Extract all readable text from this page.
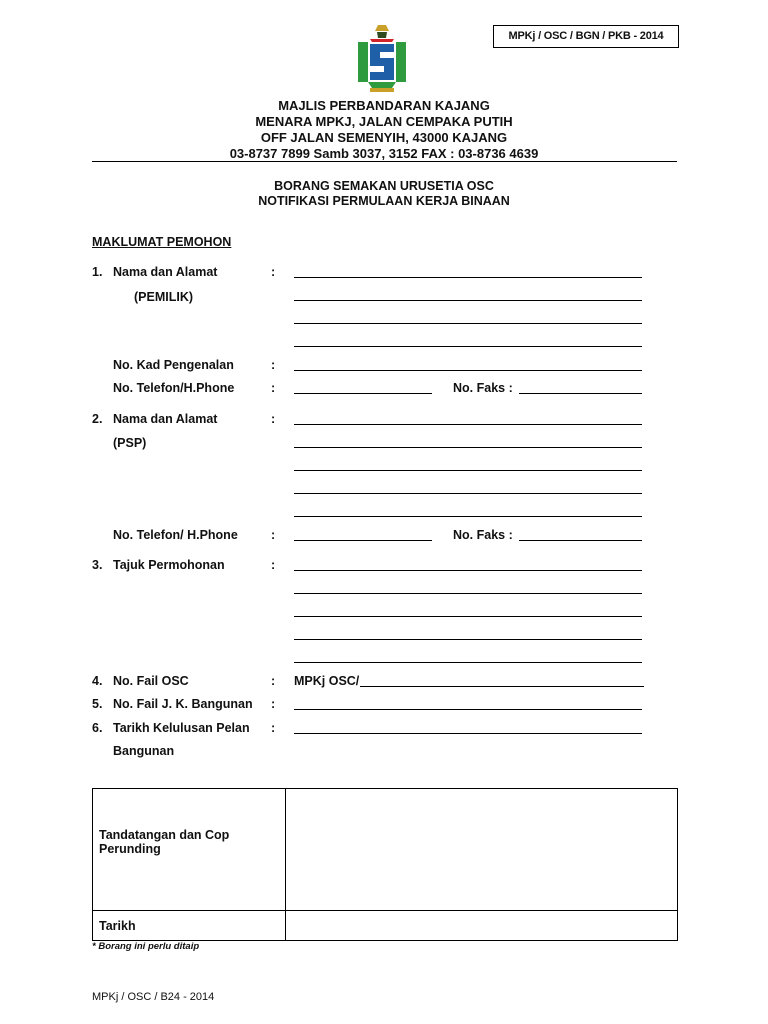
MPKj / OSC / BGN / PKB - 2014
MAJLIS PERBANDARAN KAJANG
MENARA MPKJ, JALAN CEMPAKA PUTIH
OFF JALAN SEMENYIH, 43000 KAJANG
03-8737 7899 Samb 3037, 3152 FAX : 03-8736 4639
BORANG SEMAKAN URUSETIA OSC
NOTIFIKASI PERMULAAN KERJA BINAAN
MAKLUMAT PEMOHON
1. Nama dan Alamat	:
(PEMILIK)
No. Kad Pengenalan	:
No. Telefon/H.Phone	:	No. Faks :
2. Nama dan Alamat	:
(PSP)
No. Telefon/ H.Phone	:	No. Faks :
3. Tajuk Permohonan	:
4. No. Fail OSC	: MPKj OSC/
5. No. Fail J. K. Bangunan :
6. Tarikh Kelulusan Pelan :
Bangunan
Tandatangan dan Cop Perunding	

Tarikh	
* Borang ini perlu ditaip
MPKj / OSC / B24 - 2014
